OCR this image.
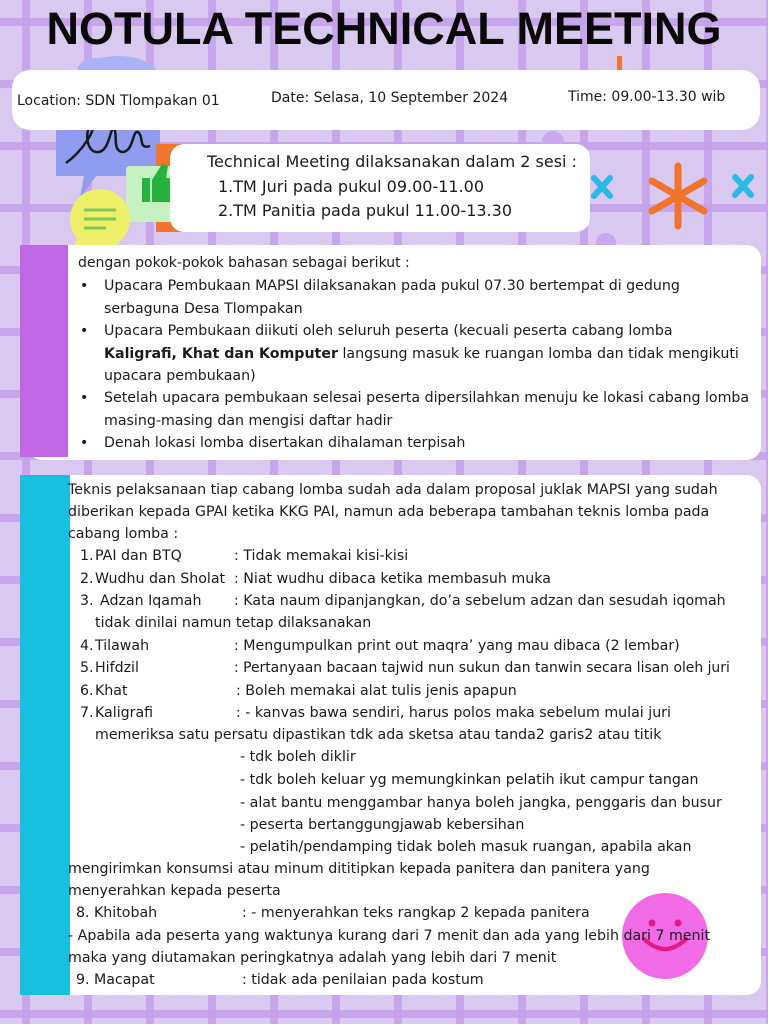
NOTULA TECHNICAL MEETING
Location: SDN Tlompakan 01	Date: Selasa, 10 September 2024	Time: 09.00-13.30 wib
Technical Meeting dilaksanakan dalam 2 sesi :
1.TM Juri pada pukul 09.00-11.00
2.TM Panitia pada pukul 11.00-13.30
dengan pokok-pokok bahasan sebagai berikut :
•	Upacara Pembukaan MAPSI dilaksanakan pada pukul 07.30 bertempat di gedung serbaguna Desa Tlompakan
•	Upacara Pembukaan diikuti oleh seluruh peserta (kecuali peserta cabang lomba Kaligrafi, Khat dan Komputer langsung masuk ke ruangan lomba dan tidak mengikuti upacara pembukaan)
•	Setelah upacara pembukaan selesai peserta dipersilahkan menuju ke lokasi cabang lomba masing-masing dan mengisi daftar hadir
•	Denah lokasi lomba disertakan dihalaman terpisah
Teknis pelaksanaan tiap cabang lomba sudah ada dalam proposal juklak MAPSI yang sudah
diberikan kepada GPAI ketika KKG PAI, namun ada beberapa tambahan teknis lomba pada
cabang lomba :
1. PAI dan BTQ	: Tidak memakai kisi-kisi
2. Wudhu dan Sholat : Niat wudhu dibaca ketika membasuh muka
3. Adzan Iqamah : Kata naum dipanjangkan, do’a sebelum adzan dan sesudah iqomah
tidak dinilai namun tetap dilaksanakan
4. Tilawah	: Mengumpulkan print out maqra’ yang mau dibaca (2 lembar)
5. Hifdzil	: Pertanyaan bacaan tajwid nun sukun dan tanwin secara lisan oleh juri
6. Khat	: Boleh memakai alat tulis jenis apapun
7. Kaligrafi	: - kanvas bawa sendiri, harus polos maka sebelum mulai juri
memeriksa satu persatu dipastikan tdk ada sketsa atau tanda2 garis2 atau titik
- tdk boleh diklir
- tdk boleh keluar yg memungkinkan pelatih ikut campur tangan
- alat bantu menggambar hanya boleh jangka, penggaris dan busur
- peserta bertanggungjawab kebersihan
- pelatih/pendamping tidak boleh masuk ruangan, apabila akan
mengirimkan konsumsi atau minum dititipkan kepada panitera dan panitera yang
menyerahkan kepada peserta
8. Khitobah	: - menyerahkan teks rangkap 2 kepada panitera
- Apabila ada peserta yang waktunya kurang dari 7 menit dan ada yang lebih dari 7 menit
maka yang diutamakan peringkatnya adalah yang lebih dari 7 menit
9. Macapat	: tidak ada penilaian pada kostum
